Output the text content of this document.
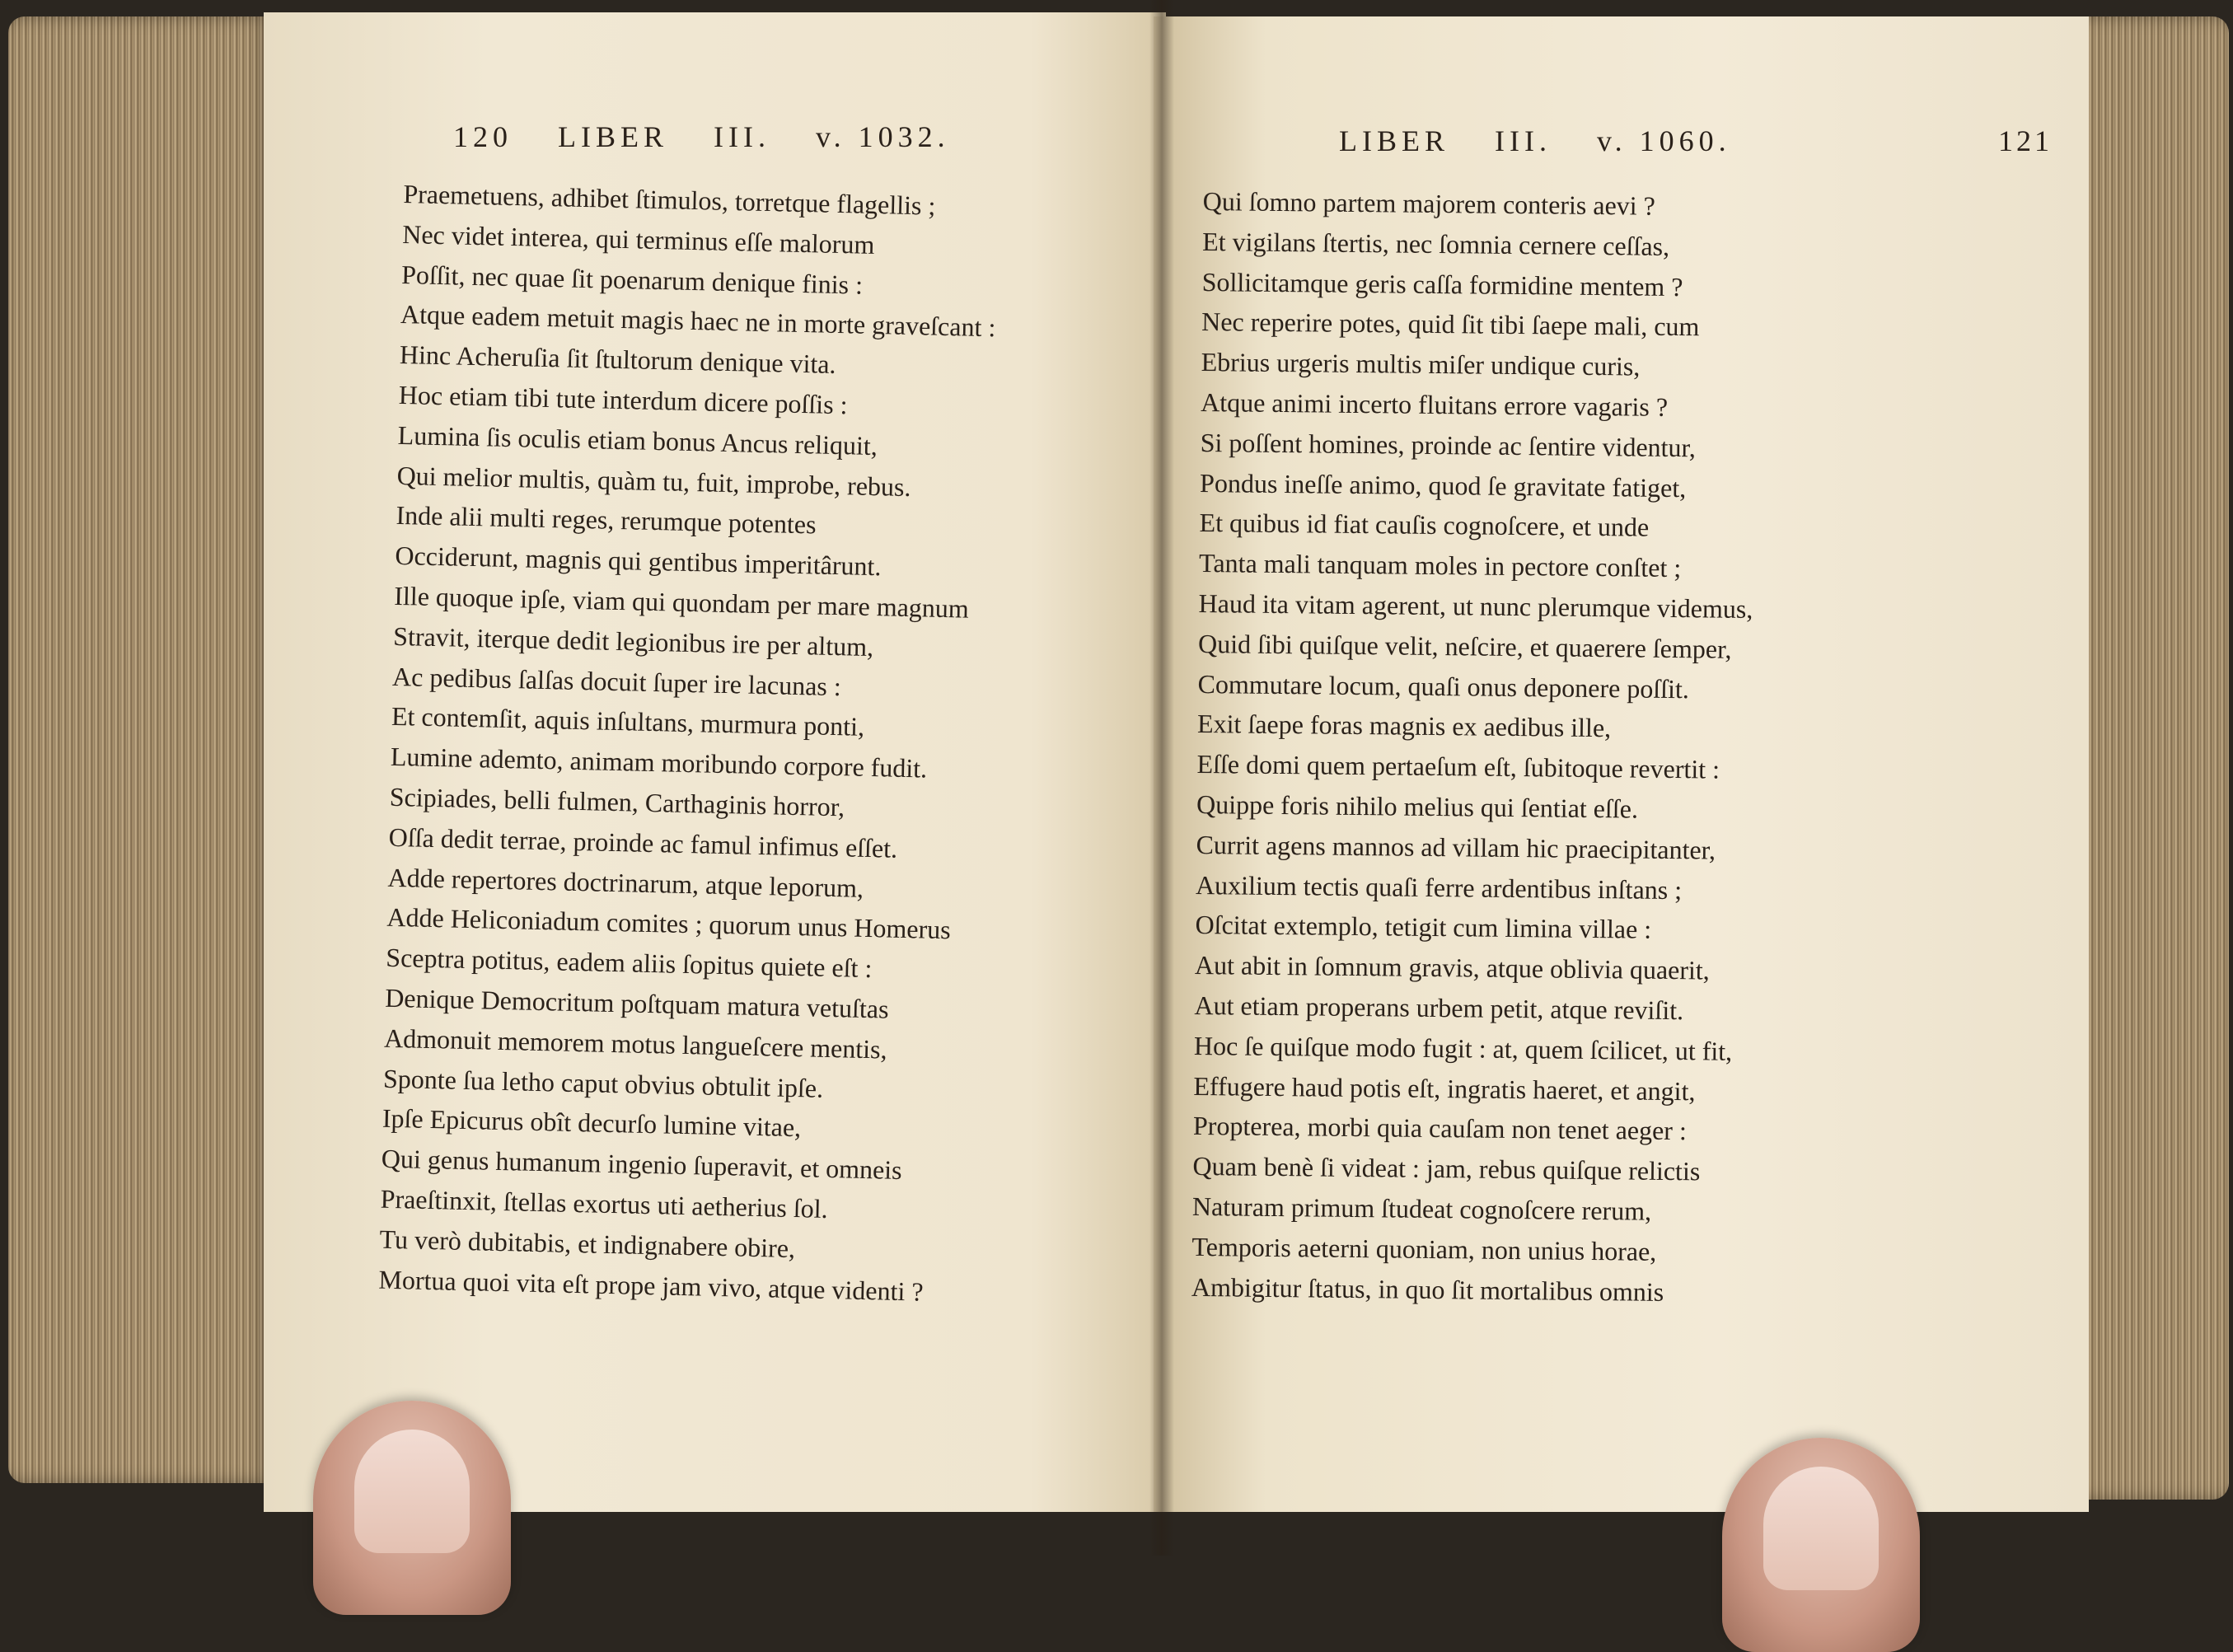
120 LIBER III. v. 1032.
Praemetuens, adhibet ſtimulos, torretque flagellis ;
Nec videt interea, qui terminus eſſe malorum
Poſſit, nec quae ſit poenarum denique finis :
Atque eadem metuit magis haec ne in morte graveſcant :
Hinc Acheruſia ſit ſtultorum denique vita.
Hoc etiam tibi tute interdum dicere poſſis :
Lumina ſis oculis etiam bonus Ancus reliquit,
Qui melior multis, quàm tu, fuit, improbe, rebus.
Inde alii multi reges, rerumque potentes
Occiderunt, magnis qui gentibus imperitârunt.
Ille quoque ipſe, viam qui quondam per mare magnum
Stravit, iterque dedit legionibus ire per altum,
Ac pedibus ſalſas docuit ſuper ire lacunas :
Et contemſit, aquis inſultans, murmura ponti,
Lumine ademto, animam moribundo corpore fudit.
Scipiades, belli fulmen, Carthaginis horror,
Oſſa dedit terrae, proinde ac famul infimus eſſet.
Adde repertores doctrinarum, atque leporum,
Adde Heliconiadum comites ; quorum unus Homerus
Sceptra potitus, eadem aliis ſopitus quiete eſt :
Denique Democritum poſtquam matura vetuſtas
Admonuit memorem motus langueſcere mentis,
Sponte ſua letho caput obvius obtulit ipſe.
Ipſe Epicurus obît decurſo lumine vitae,
Qui genus humanum ingenio ſuperavit, et omneis
Praeſtinxit, ſtellas exortus uti aetherius ſol.
Tu verò dubitabis, et indignabere obire,
Mortua quoi vita eſt prope jam vivo, atque videnti ?
LIBER III. v. 1060.	121
Qui ſomno partem majorem conteris aevi ?
Et vigilans ſtertis, nec ſomnia cernere ceſſas,
Sollicitamque geris caſſa formidine mentem ?
Nec reperire potes, quid ſit tibi ſaepe mali, cum
Ebrius urgeris multis miſer undique curis,
Atque animi incerto fluitans errore vagaris ?
Si poſſent homines, proinde ac ſentire videntur,
Pondus ineſſe animo, quod ſe gravitate fatiget,
Et quibus id fiat cauſis cognoſcere, et unde
Tanta mali tanquam moles in pectore conſtet ;
Haud ita vitam agerent, ut nunc plerumque videmus,
Quid ſibi quiſque velit, neſcire, et quaerere ſemper,
Commutare locum, quaſi onus deponere poſſit.
Exit ſaepe foras magnis ex aedibus ille,
Eſſe domi quem pertaeſum eſt, ſubitoque revertit :
Quippe foris nihilo melius qui ſentiat eſſe.
Currit agens mannos ad villam hic praecipitanter,
Auxilium tectis quaſi ferre ardentibus inſtans ;
Oſcitat extemplo, tetigit cum limina villae :
Aut abit in ſomnum gravis, atque oblivia quaerit,
Aut etiam properans urbem petit, atque reviſit.
Hoc ſe quiſque modo fugit : at, quem ſcilicet, ut fit,
Effugere haud potis eſt, ingratis haeret, et angit,
Propterea, morbi quia cauſam non tenet aeger :
Quam benè ſi videat : jam, rebus quiſque relictis
Naturam primum ſtudeat cognoſcere rerum,
Temporis aeterni quoniam, non unius horae,
Ambigitur ſtatus, in quo ſit mortalibus omnis
